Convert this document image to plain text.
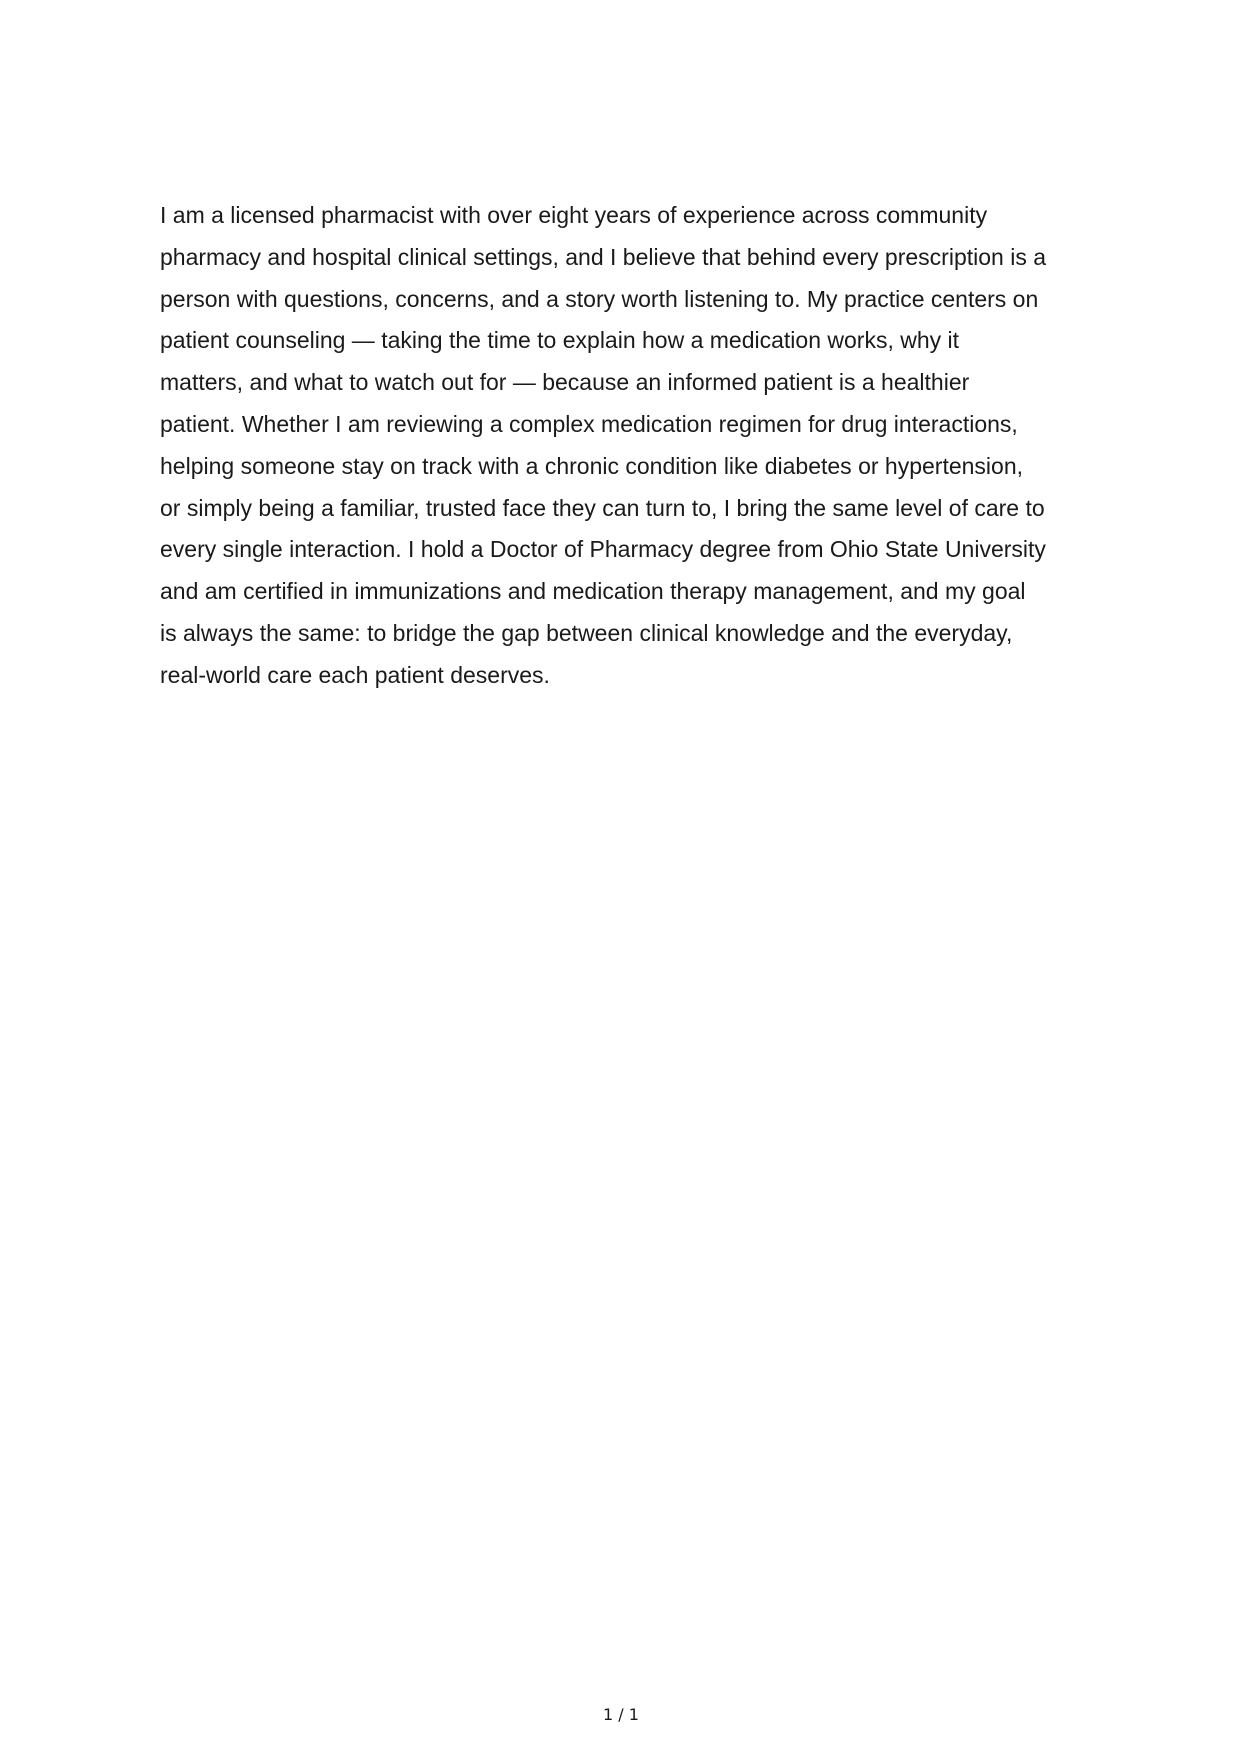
I am a licensed pharmacist with over eight years of experience across community
pharmacy and hospital clinical settings, and I believe that behind every prescription is a
person with questions, concerns, and a story worth listening to. My practice centers on
patient counseling — taking the time to explain how a medication works, why it
matters, and what to watch out for — because an informed patient is a healthier
patient. Whether I am reviewing a complex medication regimen for drug interactions,
helping someone stay on track with a chronic condition like diabetes or hypertension,
or simply being a familiar, trusted face they can turn to, I bring the same level of care to
every single interaction. I hold a Doctor of Pharmacy degree from Ohio State University
and am certified in immunizations and medication therapy management, and my goal
is always the same: to bridge the gap between clinical knowledge and the everyday,
real-world care each patient deserves.

1 / 1
